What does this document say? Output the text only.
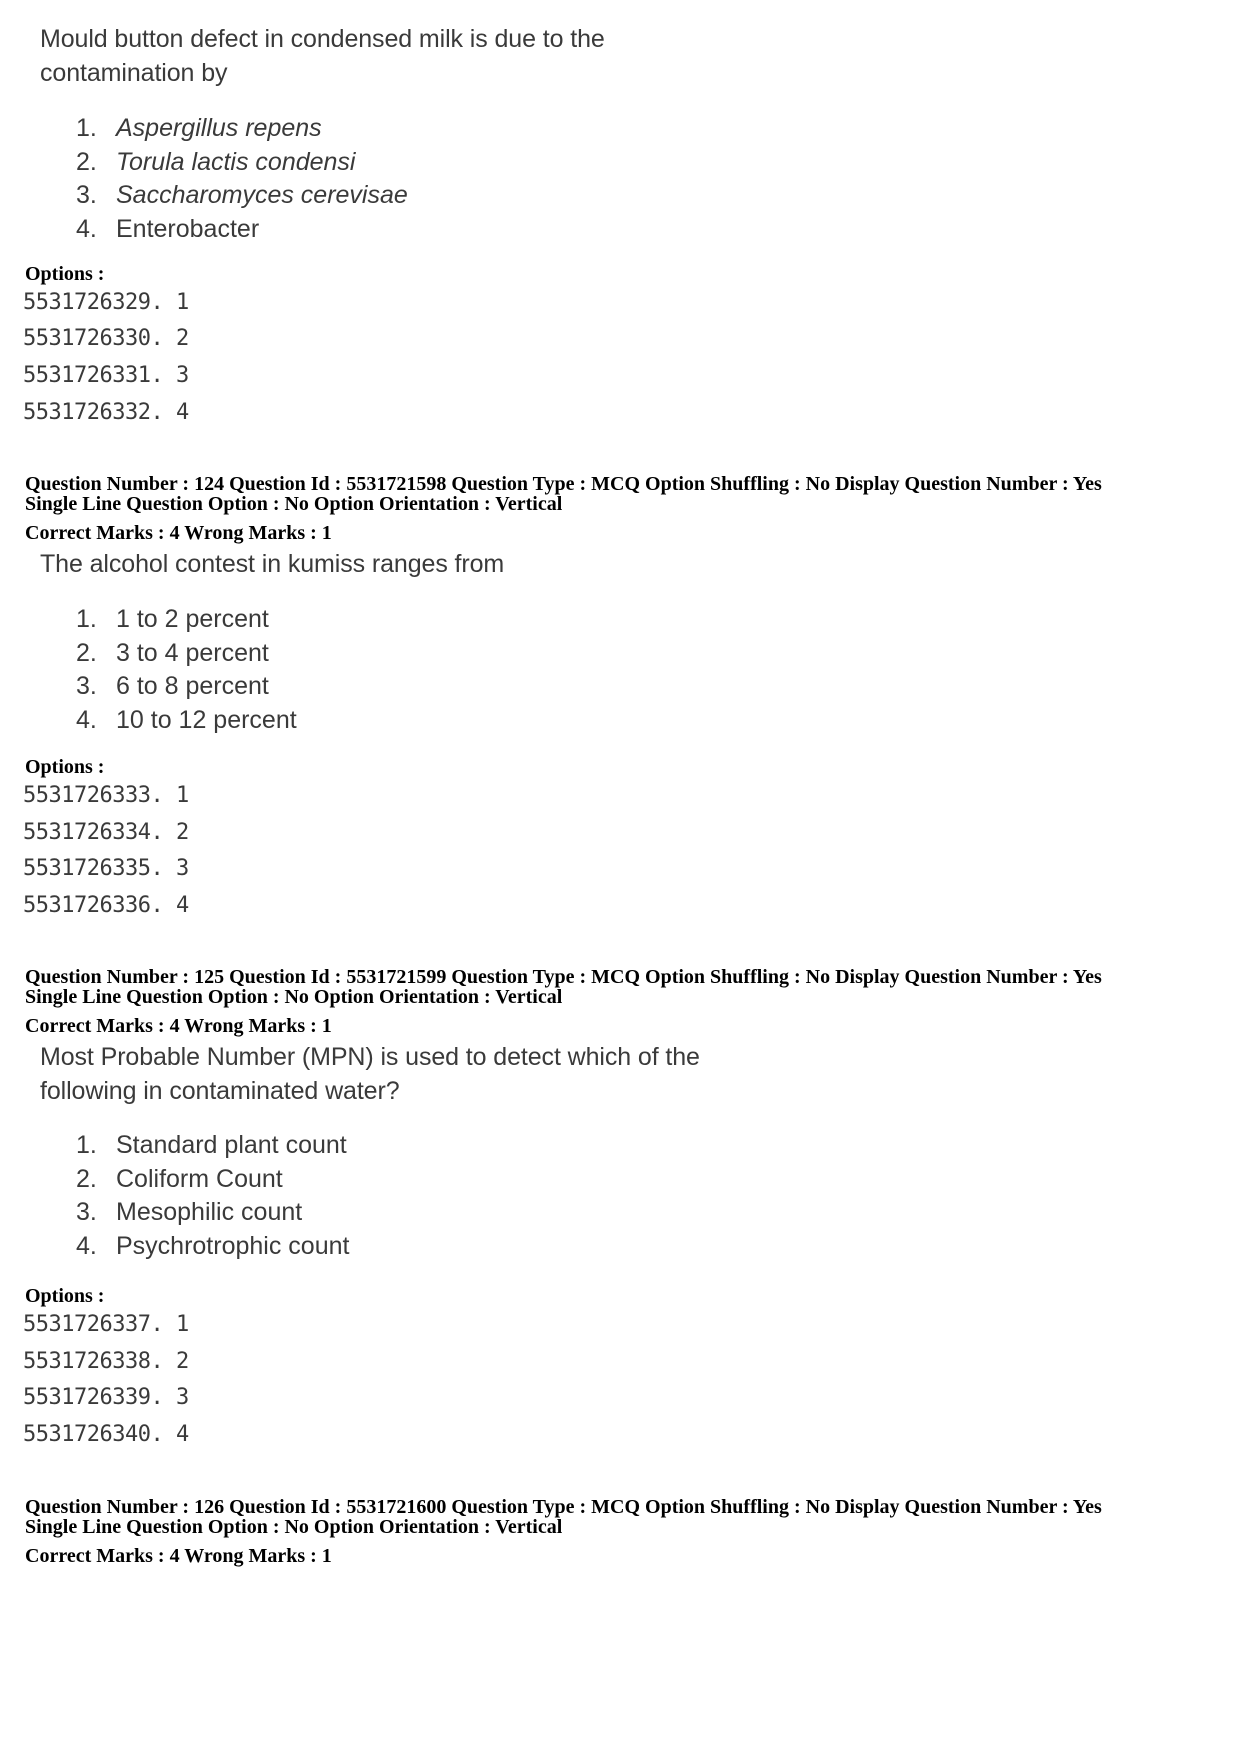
Mould button defect in condensed milk is due to the
contamination by
1. Aspergillus repens
2. Torula lactis condensi
3. Saccharomyces cerevisae
4. Enterobacter
Options :
5531726329. 1
5531726330. 2
5531726331. 3
5531726332. 4
Question Number : 124 Question Id : 5531721598 Question Type : MCQ Option Shuffling : No Display Question Number : Yes
Single Line Question Option : No Option Orientation : Vertical
Correct Marks : 4 Wrong Marks : 1
The alcohol contest in kumiss ranges from
1. 1 to 2 percent
2. 3 to 4 percent
3. 6 to 8 percent
4. 10 to 12 percent
Options :
5531726333. 1
5531726334. 2
5531726335. 3
5531726336. 4
Question Number : 125 Question Id : 5531721599 Question Type : MCQ Option Shuffling : No Display Question Number : Yes
Single Line Question Option : No Option Orientation : Vertical
Correct Marks : 4 Wrong Marks : 1
Most Probable Number (MPN) is used to detect which of the
following in contaminated water?
1. Standard plant count
2. Coliform Count
3. Mesophilic count
4. Psychrotrophic count
Options :
5531726337. 1
5531726338. 2
5531726339. 3
5531726340. 4
Question Number : 126 Question Id : 5531721600 Question Type : MCQ Option Shuffling : No Display Question Number : Yes
Single Line Question Option : No Option Orientation : Vertical
Correct Marks : 4 Wrong Marks : 1
